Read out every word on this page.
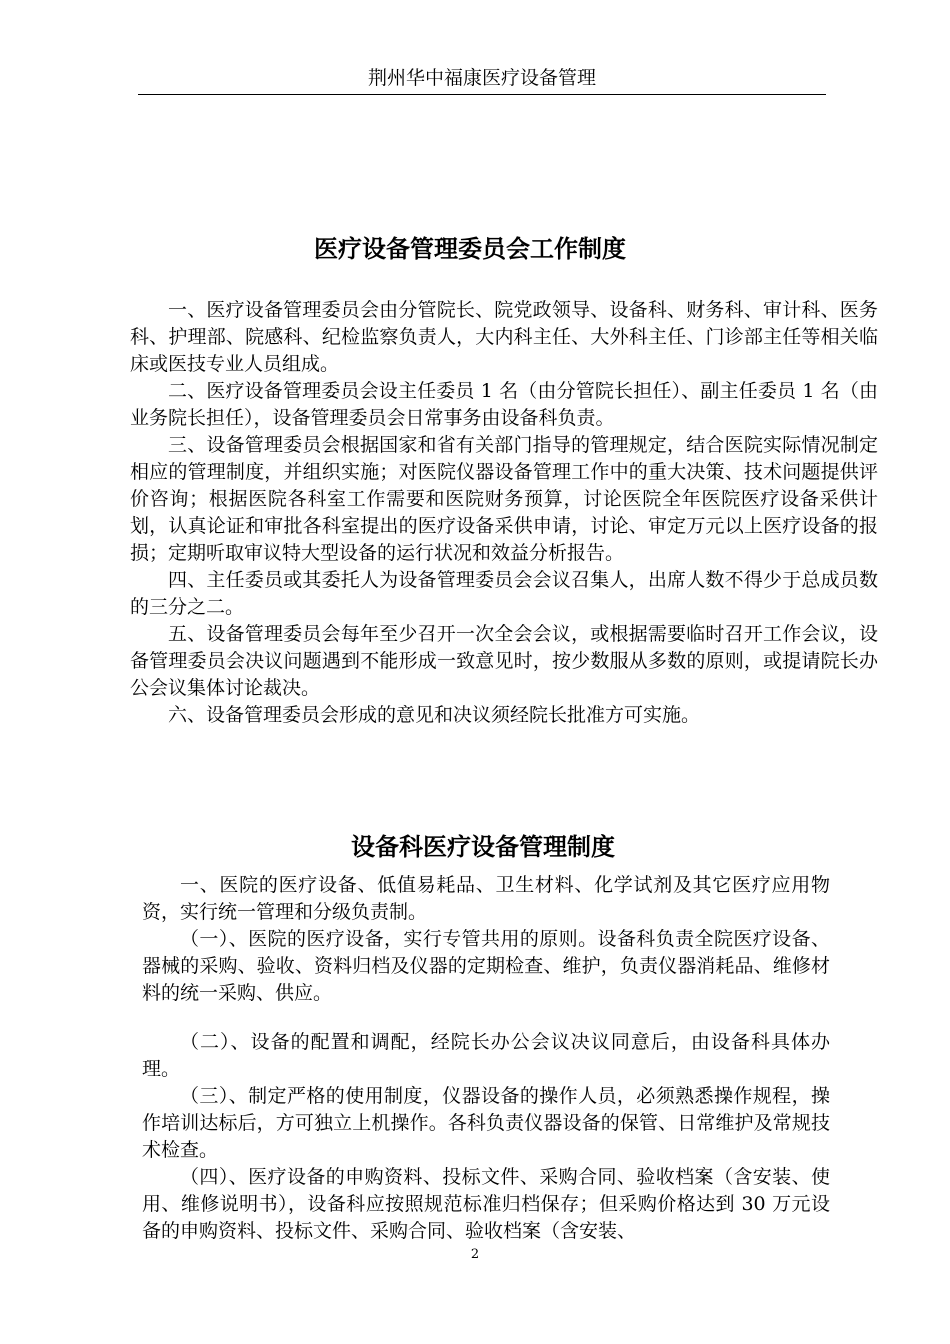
荆州华中福康医疗设备管理
医疗设备管理委员会工作制度

一、医疗设备管理委员会由分管院长、院党政领导、设备科、财务科、审计科、医务科、护理部、院感科、纪检监察负责人，大内科主任、大外科主任、门诊部主任等相关临床或医技专业人员组成。

二、医疗设备管理委员会设主任委员 1 名（由分管院长担任）、副主任委员 1 名（由业务院长担任），设备管理委员会日常事务由设备科负责。

三、设备管理委员会根据国家和省有关部门指导的管理规定，结合医院实际情况制定相应的管理制度，并组织实施；对医院仪器设备管理工作中的重大决策、技术问题提供评价咨询；根据医院各科室工作需要和医院财务预算，讨论医院全年医院医疗设备采供计划，认真论证和审批各科室提出的医疗设备采供申请，讨论、审定万元以上医疗设备的报损；定期听取审议特大型设备的运行状况和效益分析报告。

四、主任委员或其委托人为设备管理委员会会议召集人，出席人数不得少于总成员数的三分之二。

五、设备管理委员会每年至少召开一次全会会议，或根据需要临时召开工作会议，设备管理委员会决议问题遇到不能形成一致意见时，按少数服从多数的原则，或提请院长办公会议集体讨论裁决。

六、设备管理委员会形成的意见和决议须经院长批准方可实施。

设备科医疗设备管理制度

一、医院的医疗设备、低值易耗品、卫生材料、化学试剂及其它医疗应用物资，实行统一管理和分级负责制。

（一）、医院的医疗设备，实行专管共用的原则。设备科负责全院医疗设备、器械的采购、验收、资料归档及仪器的定期检查、维护，负责仪器消耗品、维修材料的统一采购、供应。

（二）、设备的配置和调配，经院长办公会议决议同意后，由设备科具体办理。

（三）、制定严格的使用制度，仪器设备的操作人员，必须熟悉操作规程，操作培训达标后，方可独立上机操作。各科负责仪器设备的保管、日常维护及常规技术检查。

（四）、医疗设备的申购资料、投标文件、采购合同、验收档案（含安装、使用、维修说明书），设备科应按照规范标准归档保存；但采购价格达到 30 万元设备的申购资料、投标文件、采购合同、验收档案（含安装、

2
